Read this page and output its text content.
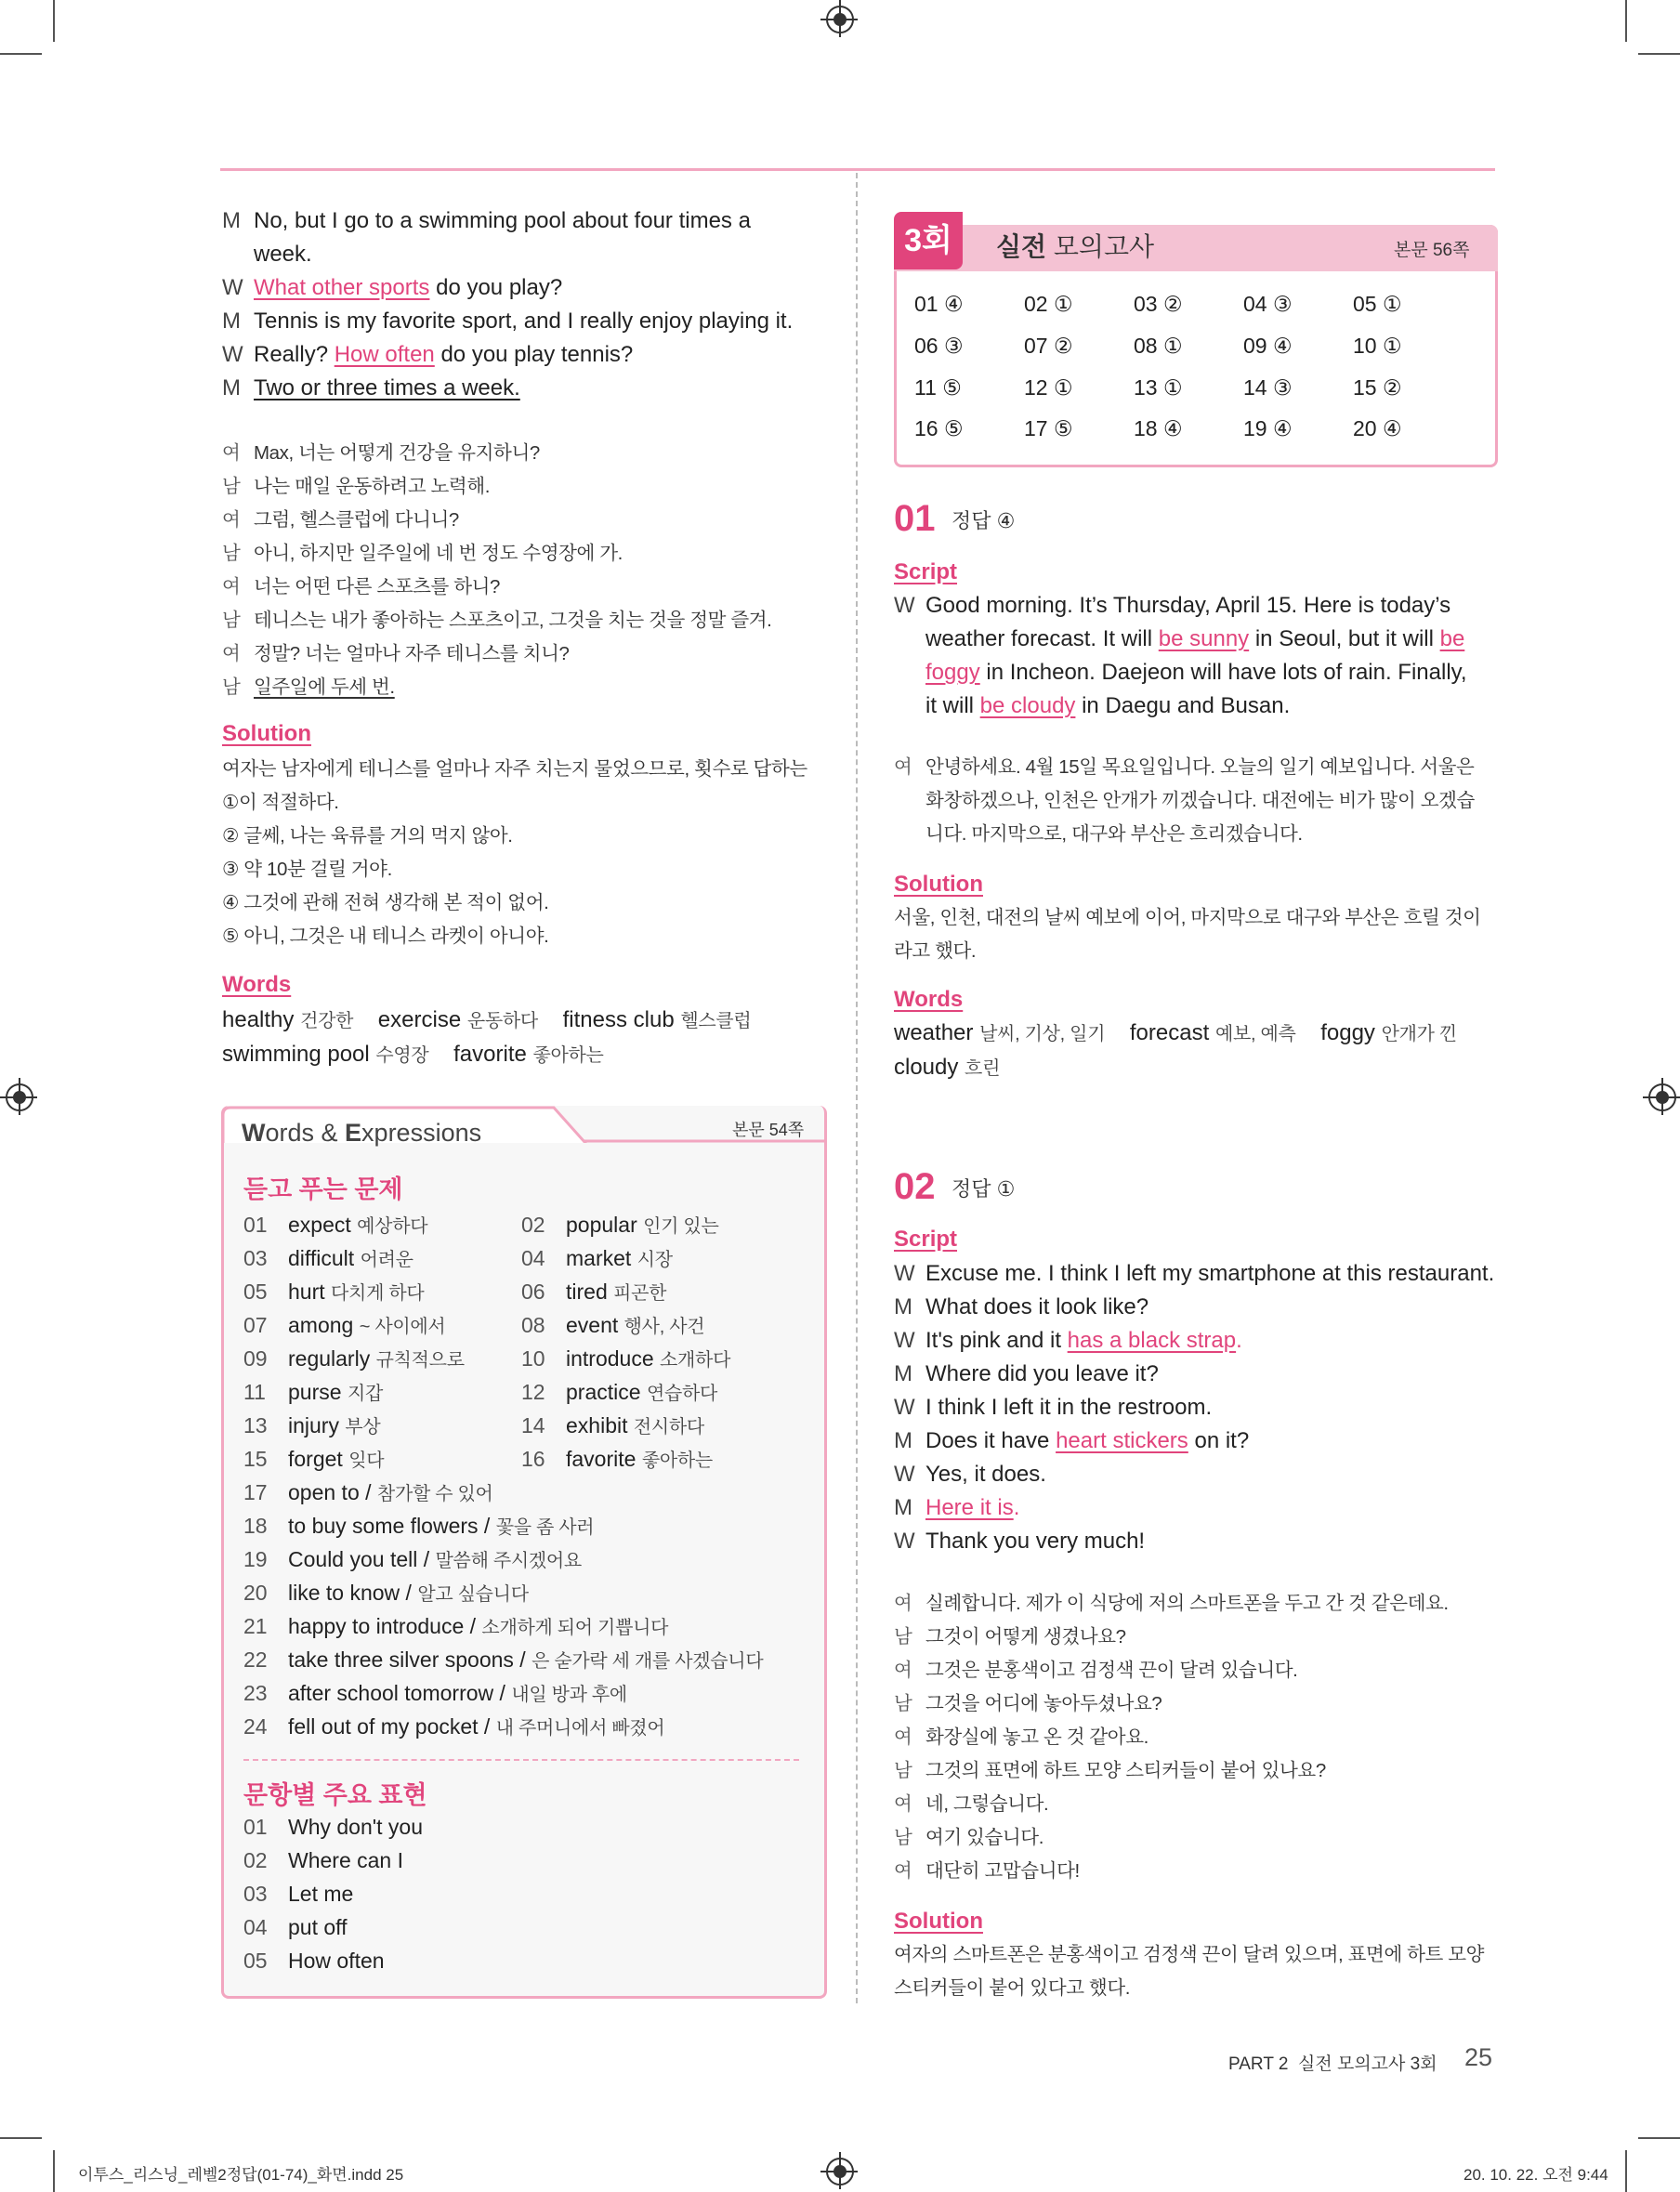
M No, but I go to a swimming pool about four times a
week.
W What other sports do you play?
M Tennis is my favorite sport, and I really enjoy playing it.
W Really? How often do you play tennis?
M Two or three times a week.
여 Max, 너는 어떻게 건강을 유지하니?
남 나는 매일 운동하려고 노력해.
여 그럼, 헬스클럽에 다니니?
남 아니, 하지만 일주일에 네 번 정도 수영장에 가.
여 너는 어떤 다른 스포츠를 하니?
남 테니스는 내가 좋아하는 스포츠이고, 그것을 치는 것을 정말 즐겨.
여 정말? 너는 얼마나 자주 테니스를 치니?
남 일주일에 두세 번.
Solution
여자는 남자에게 테니스를 얼마나 자주 치는지 물었으므로, 횟수로 답하는
①이 적절하다.
② 글쎄, 나는 육류를 거의 먹지 않아.
③ 약 10분 걸릴 거야.
④ 그것에 관해 전혀 생각해 본 적이 없어.
⑤ 아니, 그것은 내 테니스 라켓이 아니야.
Words
healthy 건강한 exercise 운동하다 fitness club 헬스클럽
swimming pool 수영장 favorite 좋아하는
Words & Expressions	본문 54쪽
듣고 푸는 문제
01 expect 예상하다	02 popular 인기 있는
03 difficult 어려운	04 market 시장
05 hurt 다치게 하다	06 tired 피곤한
07 among ~ 사이에서	08 event 행사, 사건
09 regularly 규칙적으로	10 introduce 소개하다
11 purse 지갑	12 practice 연습하다
13 injury 부상	14 exhibit 전시하다
15 forget 잊다	16 favorite 좋아하는
17 open to / 참가할 수 있어
18 to buy some flowers / 꽃을 좀 사러
19 Could you tell / 말씀해 주시겠어요
20 like to know / 알고 싶습니다
21 happy to introduce / 소개하게 되어 기쁩니다
22 take three silver spoons / 은 숟가락 세 개를 사겠습니다
23 after school tomorrow / 내일 방과 후에
24 fell out of my pocket / 내 주머니에서 빠졌어
문항별 주요 표현
01 Why don't you
02 Where can I
03 Let me
04 put off
05 How often
3회	실전 모의고사	본문 56쪽
01 ④	02 ①	03 ②	04 ③	05 ①
06 ③	07 ②	08 ①	09 ④	10 ①
11 ⑤	12 ①	13 ①	14 ③	15 ②
16 ⑤	17 ⑤	18 ④	19 ④	20 ④
01 정답 ④
Script
W Good morning. It’s Thursday, April 15. Here is today’s
weather forecast. It will be sunny in Seoul, but it will be
foggy in Incheon. Daejeon will have lots of rain. Finally,
it will be cloudy in Daegu and Busan.
여 안녕하세요. 4월 15일 목요일입니다. 오늘의 일기 예보입니다. 서울은
화창하겠으나, 인천은 안개가 끼겠습니다. 대전에는 비가 많이 오겠습
니다. 마지막으로, 대구와 부산은 흐리겠습니다.
Solution
서울, 인천, 대전의 날씨 예보에 이어, 마지막으로 대구와 부산은 흐릴 것이
라고 했다.
Words
weather 날씨, 기상, 일기 forecast 예보, 예측 foggy 안개가 낀
cloudy 흐린
02 정답 ①
Script
W Excuse me. I think I left my smartphone at this restaurant.
M What does it look like?
W It's pink and it has a black strap.
M Where did you leave it?
W I think I left it in the restroom.
M Does it have heart stickers on it?
W Yes, it does.
M Here it is.
W Thank you very much!
여 실례합니다. 제가 이 식당에 저의 스마트폰을 두고 간 것 같은데요.
남 그것이 어떻게 생겼나요?
여 그것은 분홍색이고 검정색 끈이 달려 있습니다.
남 그것을 어디에 놓아두셨나요?
여 화장실에 놓고 온 것 같아요.
남 그것의 표면에 하트 모양 스티커들이 붙어 있나요?
여 네, 그렇습니다.
남 여기 있습니다.
여 대단히 고맙습니다!
Solution
여자의 스마트폰은 분홍색이고 검정색 끈이 달려 있으며, 표면에 하트 모양
스티커들이 붙어 있다고 했다.
PART 2 실전 모의고사 3회 25
이투스_리스닝_레벨2정답(01-74)_화면.indd 25	20. 10. 22. 오전 9:44
